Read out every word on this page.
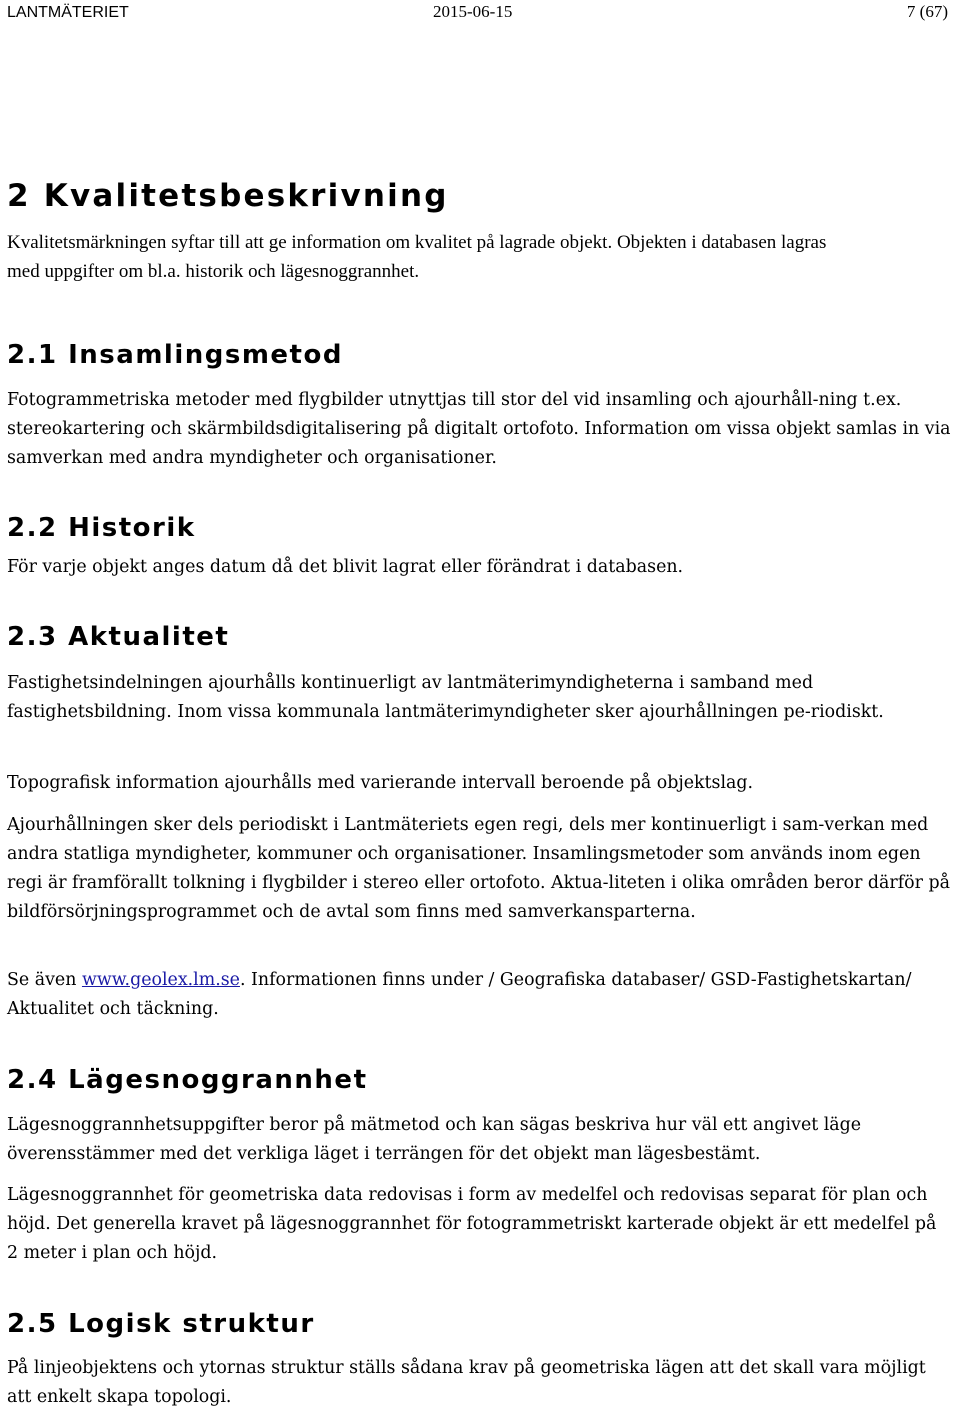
LANTMÄTERIET	2015-06-15	7 (67)
2 Kvalitetsbeskrivning

Kvalitetsmärkningen syftar till att ge information om kvalitet på lagrade objekt. Objekten i databasen lagras med uppgifter om bl.a. historik och lägesnoggrannhet.

2.1 Insamlingsmetod

Fotogrammetriska metoder med flygbilder utnyttjas till stor del vid insamling och ajourhåll-ning t.ex. stereokartering och skärmbildsdigitalisering på digitalt ortofoto. Information om vissa objekt samlas in via samverkan med andra myndigheter och organisationer.

2.2 Historik

För varje objekt anges datum då det blivit lagrat eller förändrat i databasen.

2.3 Aktualitet

Fastighetsindelningen ajourhålls kontinuerligt av lantmäterimyndigheterna i samband med fastighetsbildning. Inom vissa kommunala lantmäterimyndigheter sker ajourhållningen pe-riodiskt.

Topografisk information ajourhålls med varierande intervall beroende på objektslag.

Ajourhållningen sker dels periodiskt i Lantmäteriets egen regi, dels mer kontinuerligt i sam-verkan med andra statliga myndigheter, kommuner och organisationer. Insamlingsmetoder som används inom egen regi är framförallt tolkning i flygbilder i stereo eller ortofoto. Aktua-liteten i olika områden beror därför på bildförsörjningsprogrammet och de avtal som finns med samverkansparterna.

Se även www.geolex.lm.se. Informationen finns under / Geografiska databaser/ GSD-Fastighetskartan/ Aktualitet och täckning.

2.4 Lägesnoggrannhet

Lägesnoggrannhetsuppgifter beror på mätmetod och kan sägas beskriva hur väl ett angivet läge överensstämmer med det verkliga läget i terrängen för det objekt man lägesbestämt.

Lägesnoggrannhet för geometriska data redovisas i form av medelfel och redovisas separat för plan och höjd. Det generella kravet på lägesnoggrannhet för fotogrammetriskt karterade objekt är ett medelfel på 2 meter i plan och höjd.

2.5 Logisk struktur

På linjeobjektens och ytornas struktur ställs sådana krav på geometriska lägen att det skall vara möjligt att enkelt skapa topologi.
